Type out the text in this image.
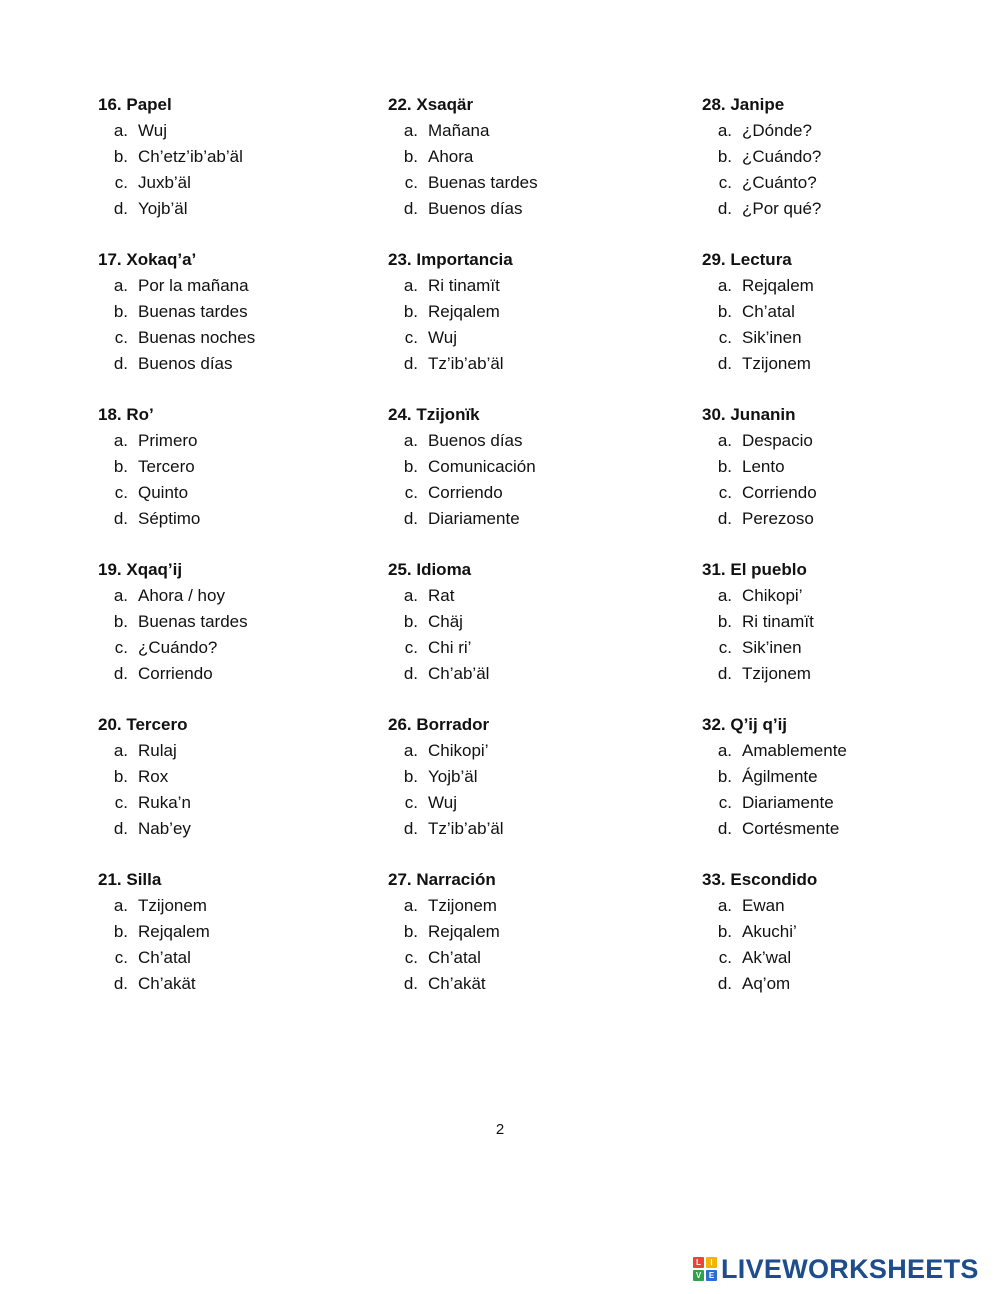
16. Papel
a. Wuj
b. Ch’etz’ib’ab’äl
c. Juxb’äl
d. Yojb’äl
17. Xokaq’a’
a. Por la mañana
b. Buenas tardes
c. Buenas noches
d. Buenos días
18. Ro’
a. Primero
b. Tercero
c. Quinto
d. Séptimo
19. Xqaq’ij
a. Ahora / hoy
b. Buenas tardes
c. ¿Cuándo?
d. Corriendo
20. Tercero
a. Rulaj
b. Rox
c. Ruka’n
d. Nab’ey
21. Silla
a. Tzijonem
b. Rejqalem
c. Ch’atal
d. Ch’akät
22. Xsaqär
a. Mañana
b. Ahora
c. Buenas tardes
d. Buenos días
23. Importancia
a. Ri tinamït
b. Rejqalem
c. Wuj
d. Tz’ib’ab’äl
24. Tzijonïk
a. Buenos días
b. Comunicación
c. Corriendo
d. Diariamente
25. Idioma
a. Rat
b. Chäj
c. Chi ri’
d. Ch’ab’äl
26. Borrador
a. Chikopi’
b. Yojb’äl
c. Wuj
d. Tz’ib’ab’äl
27. Narración
a. Tzijonem
b. Rejqalem
c. Ch’atal
d. Ch’akät
28. Janipe
a. ¿Dónde?
b. ¿Cuándo?
c. ¿Cuánto?
d. ¿Por qué?
29. Lectura
a. Rejqalem
b. Ch’atal
c. Sik’inen
d. Tzijonem
30. Junanin
a. Despacio
b. Lento
c. Corriendo
d. Perezoso
31. El pueblo
a. Chikopi’
b. Ri tinamït
c. Sik’inen
d. Tzijonem
32. Q’ij q’ij
a. Amablemente
b. Ágilmente
c. Diariamente
d. Cortésmente
33. Escondido
a. Ewan
b. Akuchi’
c. Ak’wal
d. Aq’om
2
L	I
V E LIVEWORKSHEETS
